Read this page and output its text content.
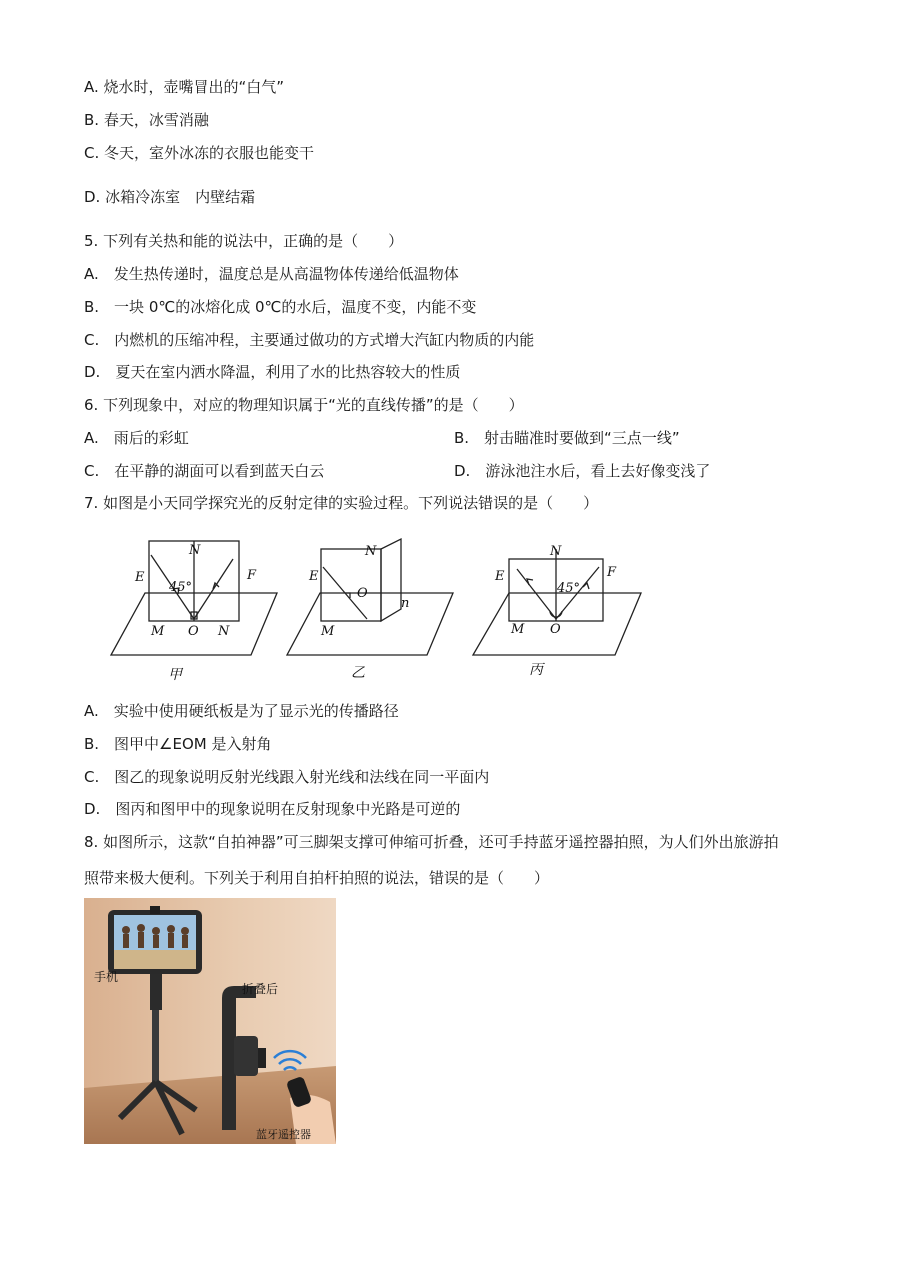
A. 烧水时，壶嘴冒出的“白气”
B. 春天，冰雪消融
C. 冬天，室外冰冻的衣服也能变干
D. 冰箱冷冻室　内壁结霜
5. 下列有关热和能的说法中，正确的是（　　）
A.　发生热传递时，温度总是从高温物体传递给低温物体
B.　一块 0℃的冰熔化成 0℃的水后，温度不变，内能不变
C.　内燃机的压缩冲程，主要通过做功的方式增大汽缸内物质的内能
D.　夏天在室内洒水降温，利用了水的比热容较大的性质
6. 下列现象中，对应的物理知识属于“光的直线传播”的是（　　）
A.　雨后的彩虹	B.　射击瞄准时要做到“三点一线”
C.　在平静的湖面可以看到蓝天白云	D.　游泳池注水后，看上去好像变浅了
7. 如图是小天同学探究光的反射定律的实验过程。下列说法错误的是（　　）
N
E	F
45°
M O N
甲
N
E
O
n
M
乙
N
E	F
45°
M O
丙
A.　实验中使用硬纸板是为了显示光的传播路径
B.　图甲中∠EOM 是入射角
C.　图乙的现象说明反射光线跟入射光线和法线在同一平面内
D.　图丙和图甲中的现象说明在反射现象中光路是可逆的
8. 如图所示，这款“自拍神器”可三脚架支撑可伸缩可折叠，还可手持蓝牙遥控器拍照，为人们外出旅游拍
照带来极大便利。下列关于利用自拍杆拍照的说法，错误的是（　　）
手机
折叠后
蓝牙遥控器
